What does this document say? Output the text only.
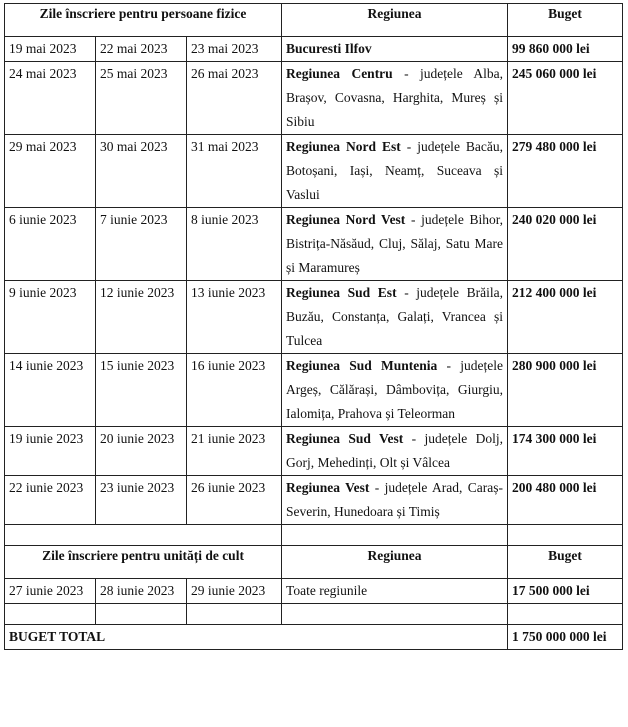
Zile înscriere pentru persoane fizice			Regiunea	Buget
19 mai 2023	22 mai 2023	23 mai 2023	Bucuresti Ilfov	99 860 000 lei
24 mai 2023	25 mai 2023	26 mai 2023	Regiunea Centru - județele Alba, Brașov, Covasna, Harghita, Mureș și Sibiu	245 060 000 lei
29 mai 2023	30 mai 2023	31 mai 2023	Regiunea Nord Est - județele Bacău, Botoșani, Iași, Neamț, Suceava și Vaslui	279 480 000 lei
6 iunie 2023	7 iunie 2023	8 iunie 2023	Regiunea Nord Vest - județele Bihor, Bistrița-Năsăud, Cluj, Sălaj, Satu Mare și Maramureș	240 020 000 lei
9 iunie 2023	12 iunie 2023	13 iunie 2023	Regiunea Sud Est - județele Brăila, Buzău, Constanța, Galați, Vrancea și Tulcea	212 400 000 lei
14 iunie 2023	15 iunie 2023	16 iunie 2023	Regiunea Sud Muntenia - județele Argeș, Călărași, Dâmbovița, Giurgiu, Ialomița, Prahova și Teleorman	280 900 000 lei
19 iunie 2023	20 iunie 2023	21 iunie 2023	Regiunea Sud Vest - județele Dolj, Gorj, Mehedinți, Olt și Vâlcea	174 300 000 lei
22 iunie 2023	23 iunie 2023	26 iunie 2023	Regiunea Vest - județele Arad, Caraș-Severin, Hunedoara și Timiș	200 480 000 lei

Zile înscriere pentru unități de cult			Regiunea	Buget
27 iunie 2023	28 iunie 2023	29 iunie 2023	Toate regiunile	17 500 000 lei

BUGET TOTAL				1 750 000 000 lei
